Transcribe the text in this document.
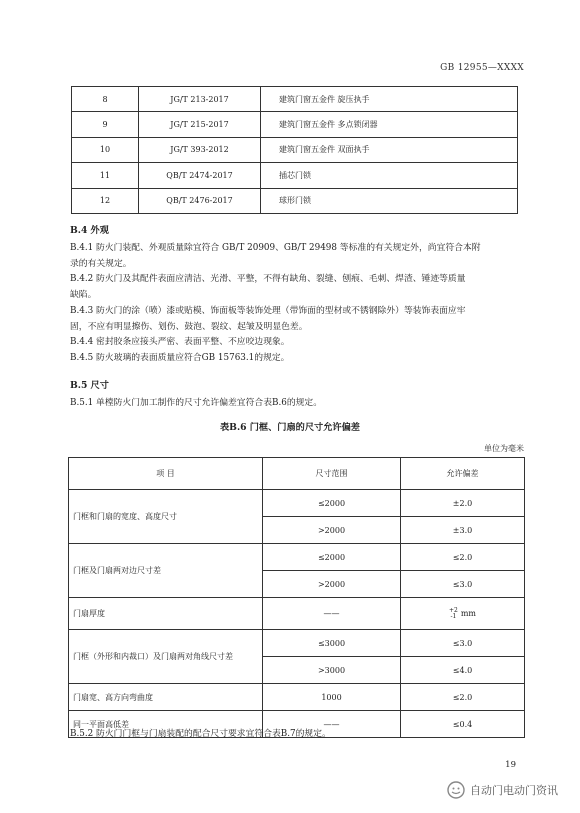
GB 12955—XXXX
8	JG/T 213-2017	建筑门窗五金件 旋压执手
9	JG/T 215-2017	建筑门窗五金件 多点锁闭器
10	JG/T 393-2012	建筑门窗五金件 双面执手
11	QB/T 2474-2017	插芯门锁
12	QB/T 2476-2017	球形门锁
B.4 外观

B.4.1 防火门装配、外观质量除宜符合 GB/T 20909、GB/T 29498 等标准的有关规定外，尚宜符合本附

录的有关规定。

B.4.2 防火门及其配件表面应清洁、光滑、平整，不得有缺角、裂缝、刨痕、毛刺、焊渣、锤迹等质量

缺陷。

B.4.3 防火门的涂（喷）漆或贴模、饰面板等装饰处理（带饰面的型材或不锈钢除外）等装饰表面应牢

固，不应有明显擦伤、划伤、鼓泡、裂纹、起皱及明显色差。

B.4.4 密封胶条应接头严密、表面平整、不应咬边现象。

B.4.5 防火玻璃的表面质量应符合GB 15763.1的规定。

B.5 尺寸
B.5.1 单樘防火门加工制作的尺寸允许偏差宜符合表B.6的规定。
表B.6 门框、门扇的尺寸允许偏差
单位为毫米
项 目	尺寸范围	允许偏差
门框和门扇的宽度、高度尺寸	≤2000	±2.0
	>2000	±3.0
门框及门扇两对边尺寸差	≤2000	≤2.0
	>2000	≤3.0
门扇厚度	——	+2
-1 mm
门框（外形和内裁口）及门扇两对角线尺寸差	≤3000	≤3.0
	>3000	≤4.0
门扇宽、高方向弯曲度	1000	≤2.0
同一平面高低差	——	≤0.4
B.5.2 防火门门框与门扇装配的配合尺寸要求宜符合表B.7的规定。
19
自动门电动门资讯
